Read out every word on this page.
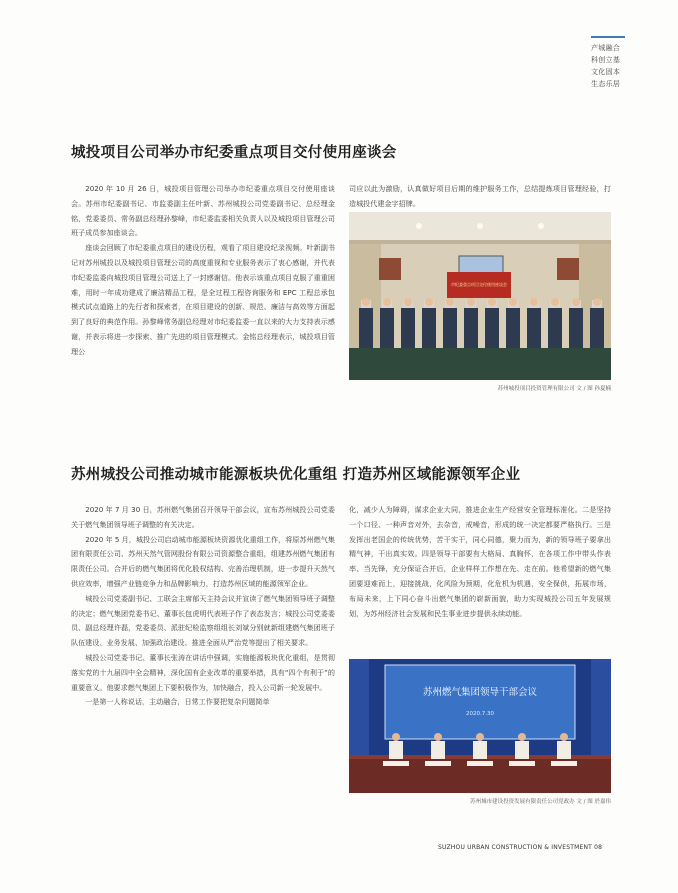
产城融合
科创立基
文化固本
生态乐居
城投项目公司举办市纪委重点项目交付使用座谈会

2020 年 10 月 26 日，城投项目管理公司举办市纪委重点项目交付使用座谈会。苏州市纪委副书记、市监委副主任叶新、苏州城投公司党委副书记、总经理金铭，党委委员、常务副总经理孙黎峰，市纪委监委相关负责人以及城投项目管理公司班子成员参加座谈会。

座谈会回顾了市纪委重点项目的建设历程，观看了项目建设纪录视频。叶新副书记对苏州城投以及城投项目管理公司的高度重视和专业服务表示了衷心感谢，并代表市纪委监委向城投项目管理公司送上了一封感谢信。他表示该重点项目克服了重重困难，用时一年成功建成了廉洁精品工程，是全过程工程咨询服务和 EPC 工程总承包模式试点道路上的先行者和探索者，在项目建设的创新、规范、廉洁与高效等方面起到了良好的典范作用。孙黎峰常务副总经理对市纪委监委一直以来的大力支持表示感谢，并表示将进一步探索、推广先进的项目管理模式。金铭总经理表示，城投项目管理公

司应以此为激励，认真做好项目后期的维护服务工作，总结提炼项目管理经验，打造城投代建金字招牌。

市纪委重点项目交付使用座谈会
苏州城投项目投资管理有限公司 文 / 图 孙夏楠
苏州城投公司推动城市能源板块优化重组 打造苏州区域能源领军企业

2020 年 7 月 30 日，苏州燃气集团召开领导干部会议，宣布苏州城投公司党委关于燃气集团领导班子调整的有关决定。

2020 年 5 月，城投公司启动城市能源板块资源优化重组工作，将原苏州燃气集团有限责任公司、苏州天然气管网股份有限公司资源整合重组，组建苏州燃气集团有限责任公司。合并后的燃气集团将优化股权结构、完善治理机制，进一步提升天然气供应效率，增强产业链竞争力和品牌影响力，打造苏州区域的能源领军企业。

城投公司党委副书记、工联会主席郁天主持会议并宣读了燃气集团领导班子调整的决定；燃气集团党委书记、董事长包虎明代表班子作了表态发言；城投公司党委委员、副总经理许磊，党委委员、派驻纪检监察组组长刘斌分别就新组建燃气集团班子队伍建设、业务发展、加强政治建设、推进全面从严治党等提出了相关要求。

城投公司党委书记、董事长张涛在讲话中强调，实施能源板块优化重组，是贯彻落实党的十九届四中全会精神，深化国有企业改革的重要举措，具有“四个有利于”的重要意义。他要求燃气集团上下要积极作为，加快融合，投入公司新一轮发展中。

一是第一人称说话，主动融合，日常工作要把复杂问题简单

化，减少人为障碍，谋求企业大同，推进企业生产经营安全管理标准化。二是坚持一个口径、一种声音对外，去杂音，戒噪音，形成的统一决定都要严格执行。三是发挥出老国企的传统优势，苦干实干，同心同德，聚力而为，新的领导班子要拿出精气神，干出真实效。四是领导干部要有大格局、真胸怀，在各项工作中带头作表率、当先锋，充分保证合并后，企业样样工作想在先、走在前。他希望新的燃气集团要迎难而上，迎接挑战，化风险为预期，化危机为机遇，安全保供，拓展市场，布局未来，上下同心奋斗出燃气集团的崭新面貌，助力实现城投公司五年发展规划，为苏州经济社会发展和民生事业进步提供永续动能。

苏州燃气集团领导干部会议
2020.7.30
苏州城市建设投资发展有限责任公司党政办 文 / 图 於嘉伟
SUZHOU URBAN CONSTRUCTION & INVESTMENT 08
